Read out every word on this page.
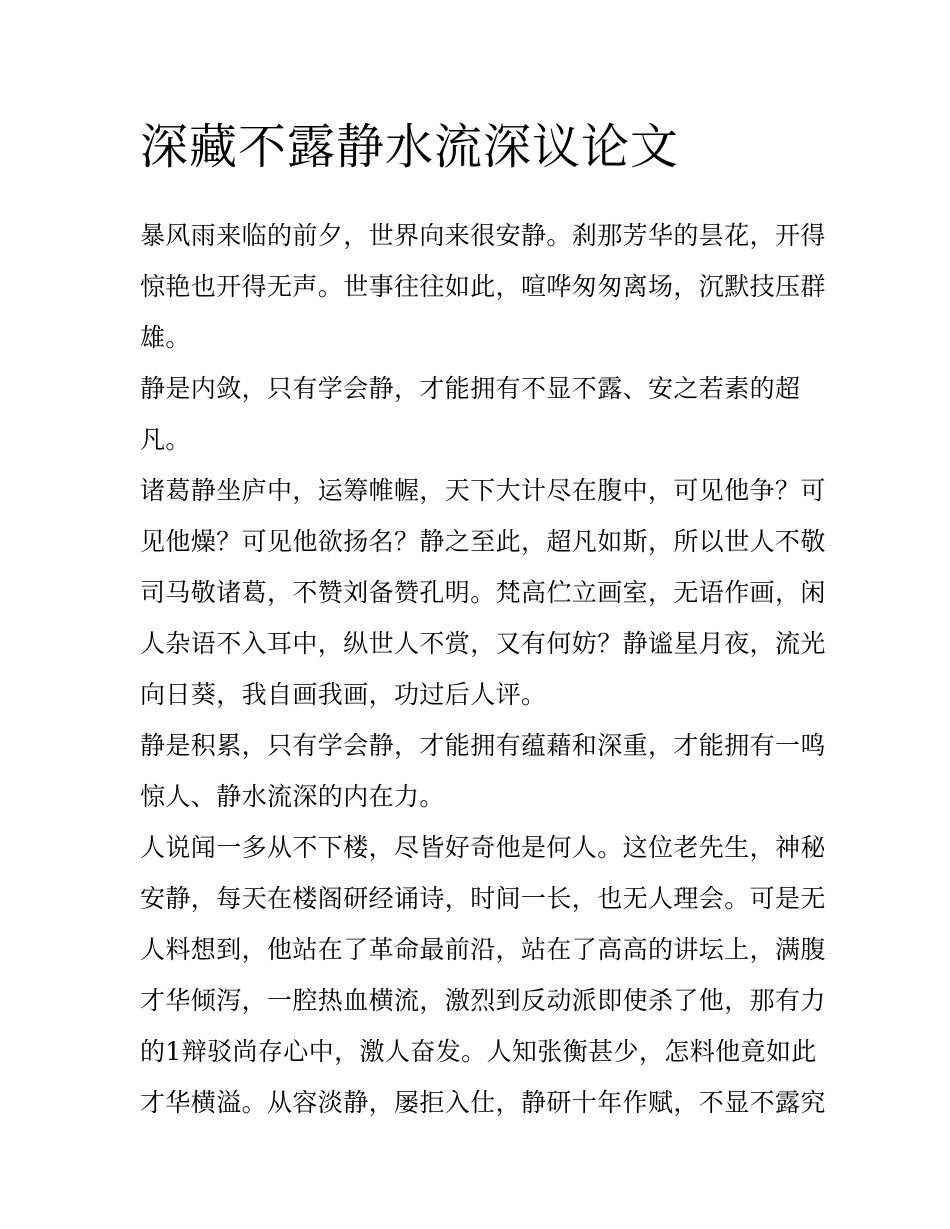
深藏不露静水流深议论文

暴风雨来临的前夕，世界向来很安静。刹那芳华的昙花，开得
惊艳也开得无声。世事往往如此，喧哗匆匆离场，沉默技压群
雄。

静是内敛，只有学会静，才能拥有不显不露、安之若素的超
凡。

诸葛静坐庐中，运筹帷幄，天下大计尽在腹中，可见他争？可
见他燥？可见他欲扬名？静之至此，超凡如斯，所以世人不敬
司马敬诸葛，不赞刘备赞孔明。梵高伫立画室，无语作画，闲
人杂语不入耳中，纵世人不赏，又有何妨？静谧星月夜，流光
向日葵，我自画我画，功过后人评。

静是积累，只有学会静，才能拥有蕴藉和深重，才能拥有一鸣
惊人、静水流深的内在力。

人说闻一多从不下楼，尽皆好奇他是何人。这位老先生，神秘
安静，每天在楼阁研经诵诗，时间一长，也无人理会。可是无
人料想到，他站在了革命最前沿，站在了高高的讲坛上，满腹
才华倾泻，一腔热血横流，激烈到反动派即使杀了他，那有力
的1辩驳尚存心中，激人奋发。人知张衡甚少，怎料他竟如此
才华横溢。从容淡静，屡拒入仕，静研十年作赋，不显不露究
